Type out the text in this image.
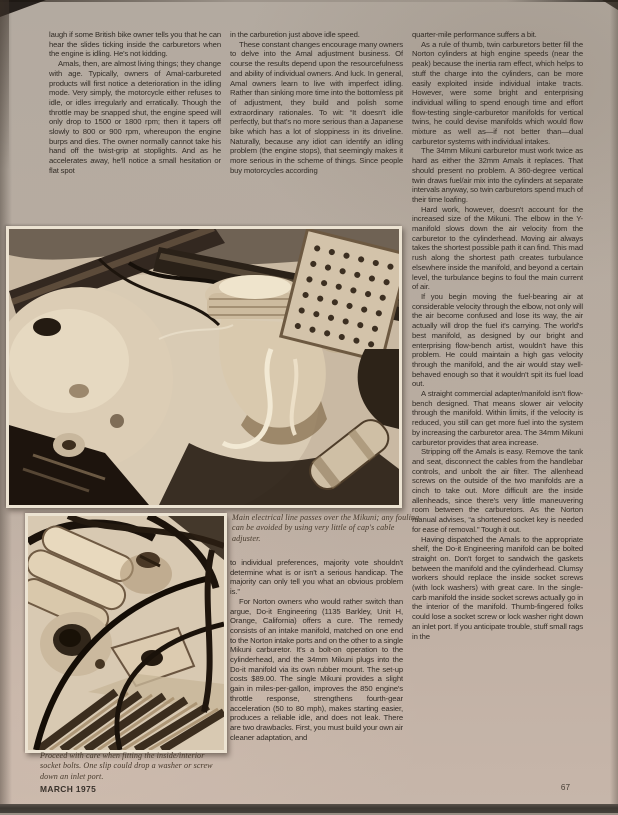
laugh if some British bike owner tells you that he can hear the slides ticking inside the carburetors when the engine is idling. He's not kidding.

Amals, then, are almost living things; they change with age. Typically, owners of Amal-carbureted products will first notice a deterioration in the idling mode. Very simply, the motorcycle either refuses to idle, or idles irregularly and erratically. Though the throttle may be snapped shut, the engine speed will only drop to 1500 or 1800 rpm; then it tapers off slowly to 800 or 900 rpm, whereupon the engine burps and dies. The owner normally cannot take his hand off the twist-grip at stoplights. And as he accelerates away, he'll notice a small hesitation or flat spot

in the carburetion just above idle speed.

These constant changes encourage many owners to delve into the Amal adjustment business. Of course the results depend upon the resourcefulness and ability of individual owners. And luck. In general, Amal owners learn to live with imperfect idling. Rather than sinking more time into the bottomless pit of adjustment, they build and polish some extraordinary rationales. To wit: “It doesn't idle perfectly, but that's no more serious than a Japanese bike which has a lot of sloppiness in its driveline. Naturally, because any idiot can identify an idling problem (the engine stops), that seemingly makes it more serious in the scheme of things. Since people buy motorcycles according

quarter-mile performance suffers a bit.

As a rule of thumb, twin carburetors better fill the Norton cylinders at high engine speeds (near the peak) because the inertia ram effect, which helps to stuff the charge into the cylinders, can be more easily exploited inside individual intake tracts. However, were some bright and enterprising individual willing to spend enough time and effort flow-testing single-carburetor manifolds for vertical twins, he could devise manifolds which would flow mixture as well as—if not better than—dual carburetor systems with individual intakes.

The 34mm Mikuni carburetor must work twice as hard as either the 32mm Amals it replaces. That should present no problem. A 360-degree vertical twin draws fuel/air mix into the cylinders at separate intervals anyway, so twin carburetors spend much of their time loafing.

Hard work, however, doesn't account for the increased size of the Mikuni. The elbow in the Y-manifold slows down the air velocity from the carburetor to the cylinderhead. Moving air always takes the shortest possible path it can find. This mad rush along the shortest path creates turbulance elsewhere inside the manifold, and beyond a certain level, the turbulance begins to foul the main current of air.

If you begin moving the fuel-bearing air at considerable velocity through the elbow, not only will the air become confused and lose its way, the air actually will drop the fuel it's carrying. The world's best manifold, as designed by our bright and enterprising flow-bench artist, wouldn't have this problem. He could maintain a high gas velocity through the manifold, and the air would stay well-behaved enough so that it wouldn't spit its fuel load out.

A straight commercial adapter/manifold isn't flow-bench designed. That means slower air velocity through the manifold. Within limits, if the velocity is reduced, you still can get more fuel into the system by increasing the carburetor area. The 34mm Mikuni carburetor provides that area increase.

Stripping off the Amals is easy. Remove the tank and seat, disconnect the cables from the handlebar controls, and unbolt the air filter. The allenhead screws on the outside of the two manifolds are a cinch to take out. More difficult are the inside allenheads, since there's very little maneuvering room between the carburetors. As the Norton manual advises, “a shortened socket key is needed for ease of removal.” Tough it out.

Having dispatched the Amals to the appropriate shelf, the Do-it Engineering manifold can be bolted straight on. Don't forget to sandwich the gaskets between the manifold and the cylinderhead. Clumsy workers should replace the inside socket screws (with lock washers) with great care. In the single-carb manifold the inside socket screws actually go in the interior of the manifold. Thumb-fingered folks could lose a socket screw or lock washer right down an inlet port. If you anticipate trouble, stuff small rags in the

Main electrical line passes over the Mikuni; any fouling can be avoided by using very little of cap's cable adjuster.

to individual preferences, majority vote shouldn't determine what is or isn't a serious handicap. The majority can only tell you what an obvious problem is.”

For Norton owners who would rather switch than argue, Do-it Engineering (1135 Barkley, Unit H, Orange, California) offers a cure. The remedy consists of an intake manifold, matched on one end to the Norton intake ports and on the other to a single Mikuni carburetor. It's a bolt-on operation to the cylinderhead, and the 34mm Mikuni plugs into the Do-it manifold via its own rubber mount. The set-up costs $89.00. The single Mikuni provides a slight gain in miles-per-gallon, improves the 850 engine's throttle response, strengthens fourth-gear acceleration (50 to 80 mph), makes starting easier, produces a reliable idle, and does not leak. There are two drawbacks. First, you must build your own air cleaner adaptation, and

Proceed with care when fitting the inside/interior socket bolts. One slip could drop a washer or screw down an inlet port.
MARCH 1975	67
